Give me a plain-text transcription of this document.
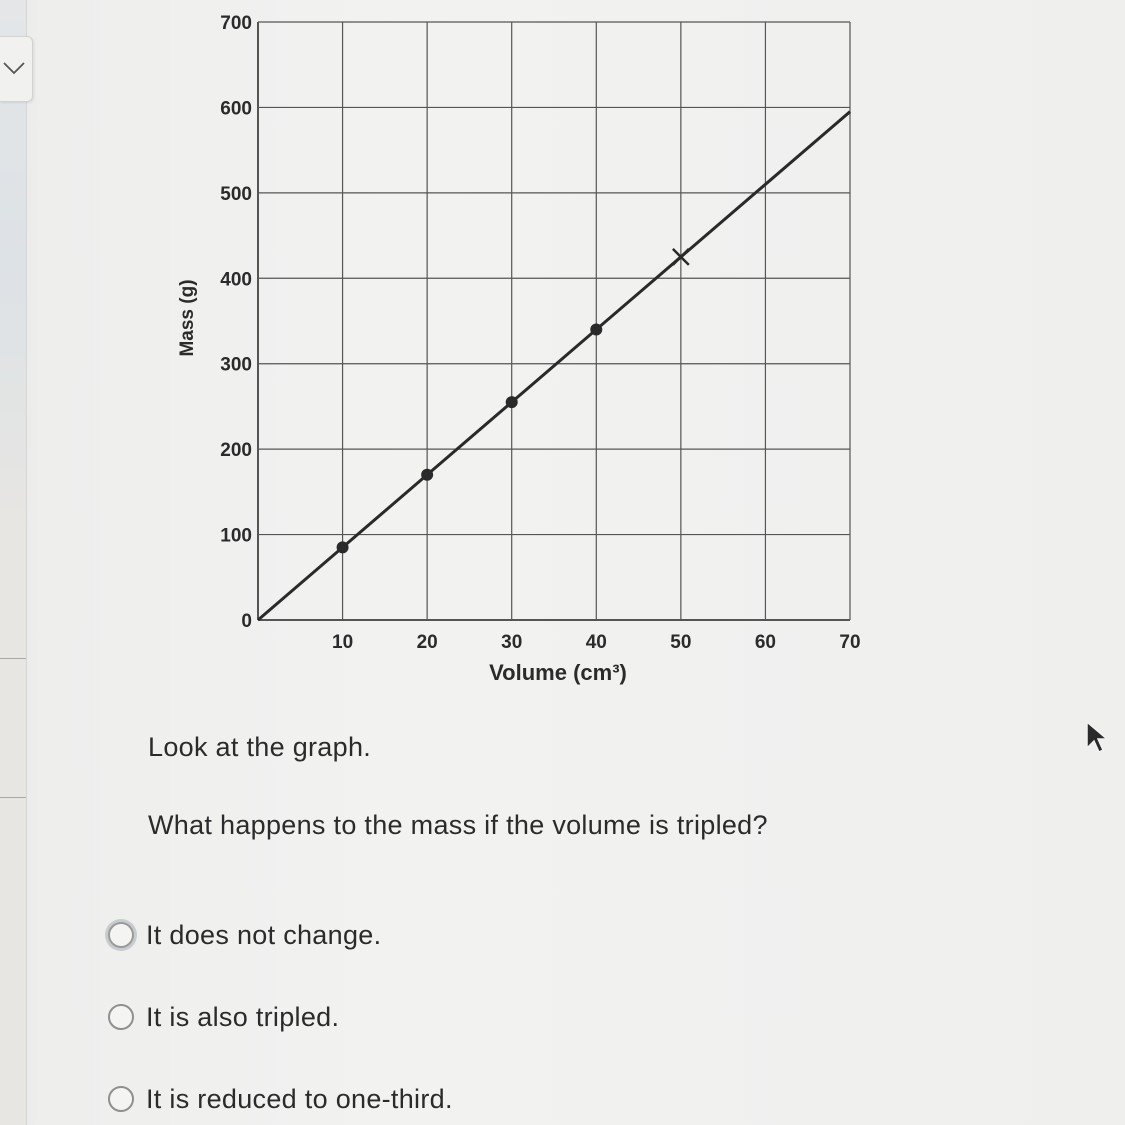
0
100
200
300
400
500
600
700
10	20	30	40	50	60	70
Mass (g)
Volume (cm³)
Look at the graph.
What happens to the mass if the volume is tripled?
It does not change.
It is also tripled.
It is reduced to one-third.
